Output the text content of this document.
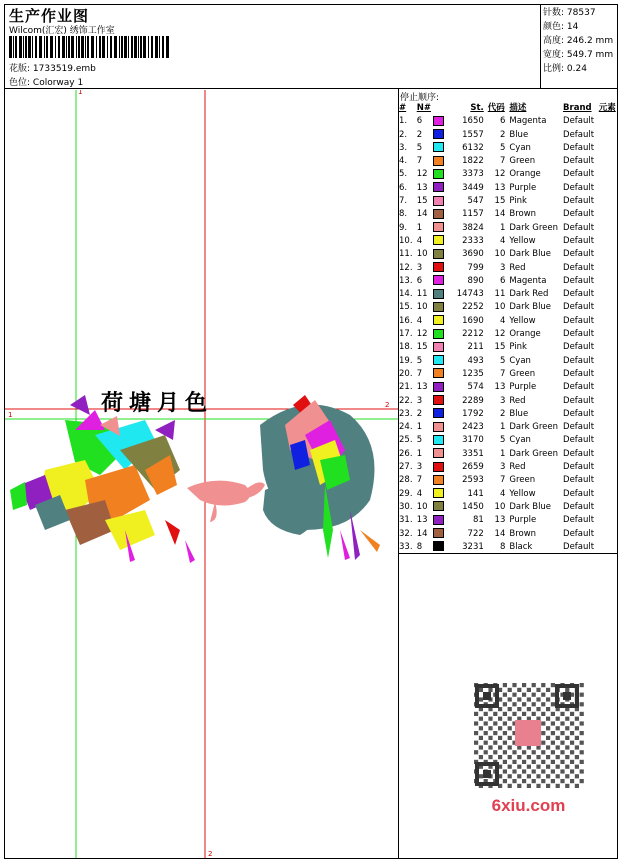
生产作业图
Wilcom(汇宏) 绣饰工作室
花版: 1733519.emb
色位: Colorway 1
针数: 78537
颜色: 14
高度: 246.2 mm
宽度: 549.7 mm
比例: 0.24
荷塘月色
1
1
2
2
停止顺序:
#	N#		St.	代码	描述	Brand	元素
1.	6		1650	6	Magenta	Default	
2.	2		1557	2	Blue	Default	
3.	5		6132	5	Cyan	Default	
4.	7		1822	7	Green	Default	
5.	12		3373	12	Orange	Default	
6.	13		3449	13	Purple	Default	
7.	15		547	15	Pink	Default	
8.	14		1157	14	Brown	Default	
9.	1		3824	1	Dark Green	Default	
10.	4		2333	4	Yellow	Default	
11.	10		3690	10	Dark Blue	Default	
12.	3		799	3	Red	Default	
13.	6		890	6	Magenta	Default	
14.	11		14743	11	Dark Red	Default	
15.	10		2252	10	Dark Blue	Default	
16.	4		1690	4	Yellow	Default	
17.	12		2212	12	Orange	Default	
18.	15		211	15	Pink	Default	
19.	5		493	5	Cyan	Default	
20.	7		1235	7	Green	Default	
21.	13		574	13	Purple	Default	
22.	3		2289	3	Red	Default	
23.	2		1792	2	Blue	Default	
24.	1		2423	1	Dark Green	Default	
25.	5		3170	5	Cyan	Default	
26.	1		3351	1	Dark Green	Default	
27.	3		2659	3	Red	Default	
28.	7		2593	7	Green	Default	
29.	4		141	4	Yellow	Default	
30.	10		1450	10	Dark Blue	Default	
31.	13		81	13	Purple	Default	
32.	14		722	14	Brown	Default	
33.	8		3231	8	Black	Default	
6xiu.com
